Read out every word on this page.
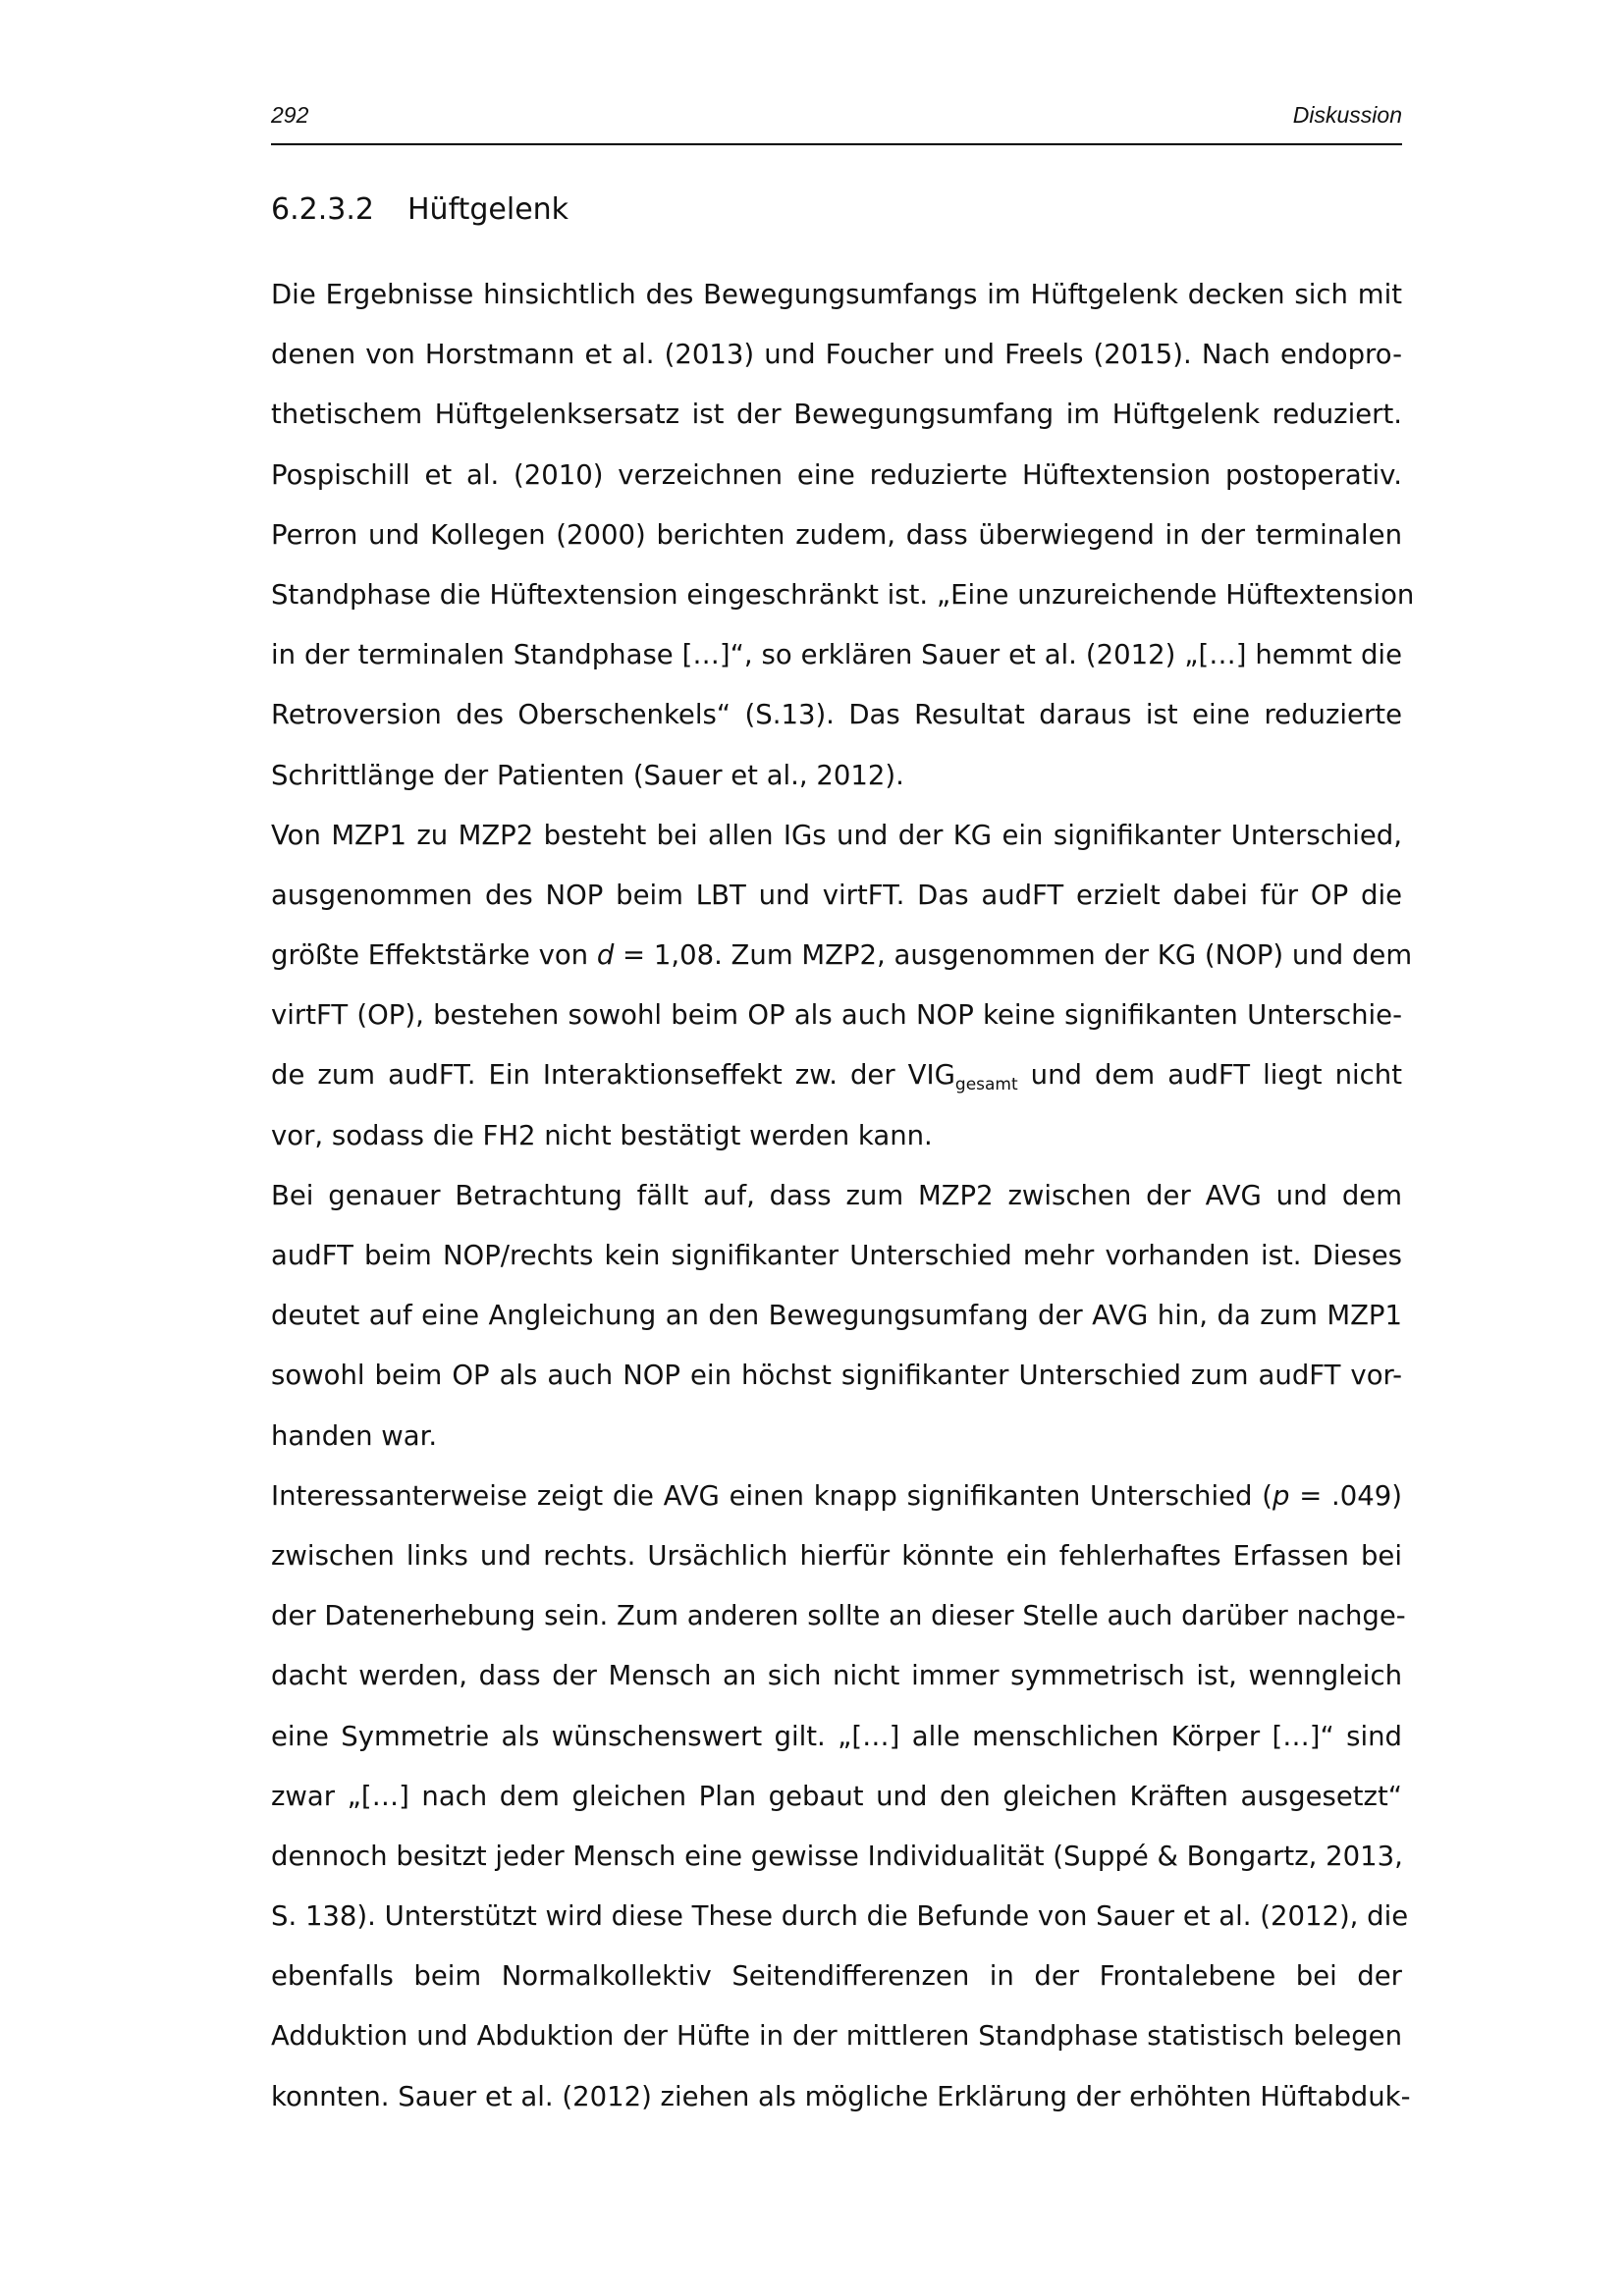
292	Diskussion
6.2.3.2 Hüftgelenk
Die Ergebnisse hinsichtlich des Bewegungsumfangs im Hüftgelenk decken sich mit
denen von Horstmann et al. (2013) und Foucher und Freels (2015). Nach endopro-
thetischem Hüftgelenksersatz ist der Bewegungsumfang im Hüftgelenk reduziert.
Pospischill et al. (2010) verzeichnen eine reduzierte Hüftextension postoperativ.
Perron und Kollegen (2000) berichten zudem, dass überwiegend in der terminalen
Standphase die Hüftextension eingeschränkt ist. „Eine unzureichende Hüftextension
in der terminalen Standphase […]“, so erklären Sauer et al. (2012) „[…] hemmt die
Retroversion des Oberschenkels“ (S.13). Das Resultat daraus ist eine reduzierte
Schrittlänge der Patienten (Sauer et al., 2012).
Von MZP1 zu MZP2 besteht bei allen IGs und der KG ein signifikanter Unterschied,
ausgenommen des NOP beim LBT und virtFT. Das audFT erzielt dabei für OP die
größte Effektstärke von d = 1,08. Zum MZP2, ausgenommen der KG (NOP) und dem
virtFT (OP), bestehen sowohl beim OP als auch NOP keine signifikanten Unterschie-
de zum audFT. Ein Interaktionseffekt zw. der $VIG_{gesamt}$ und dem audFT liegt nicht
vor, sodass die FH2 nicht bestätigt werden kann.
Bei genauer Betrachtung fällt auf, dass zum MZP2 zwischen der AVG und dem
audFT beim NOP/rechts kein signifikanter Unterschied mehr vorhanden ist. Dieses
deutet auf eine Angleichung an den Bewegungsumfang der AVG hin, da zum MZP1
sowohl beim OP als auch NOP ein höchst signifikanter Unterschied zum audFT vor-
handen war.
Interessanterweise zeigt die AVG einen knapp signifikanten Unterschied (p = .049)
zwischen links und rechts. Ursächlich hierfür könnte ein fehlerhaftes Erfassen bei
der Datenerhebung sein. Zum anderen sollte an dieser Stelle auch darüber nachge-
dacht werden, dass der Mensch an sich nicht immer symmetrisch ist, wenngleich
eine Symmetrie als wünschenswert gilt. „[…] alle menschlichen Körper […]“ sind
zwar „[…] nach dem gleichen Plan gebaut und den gleichen Kräften ausgesetzt“
dennoch besitzt jeder Mensch eine gewisse Individualität (Suppé & Bongartz, 2013,
S. 138). Unterstützt wird diese These durch die Befunde von Sauer et al. (2012), die
ebenfalls beim Normalkollektiv Seitendifferenzen in der Frontalebene bei der
Adduktion und Abduktion der Hüfte in der mittleren Standphase statistisch belegen
konnten. Sauer et al. (2012) ziehen als mögliche Erklärung der erhöhten Hüftabduk-
